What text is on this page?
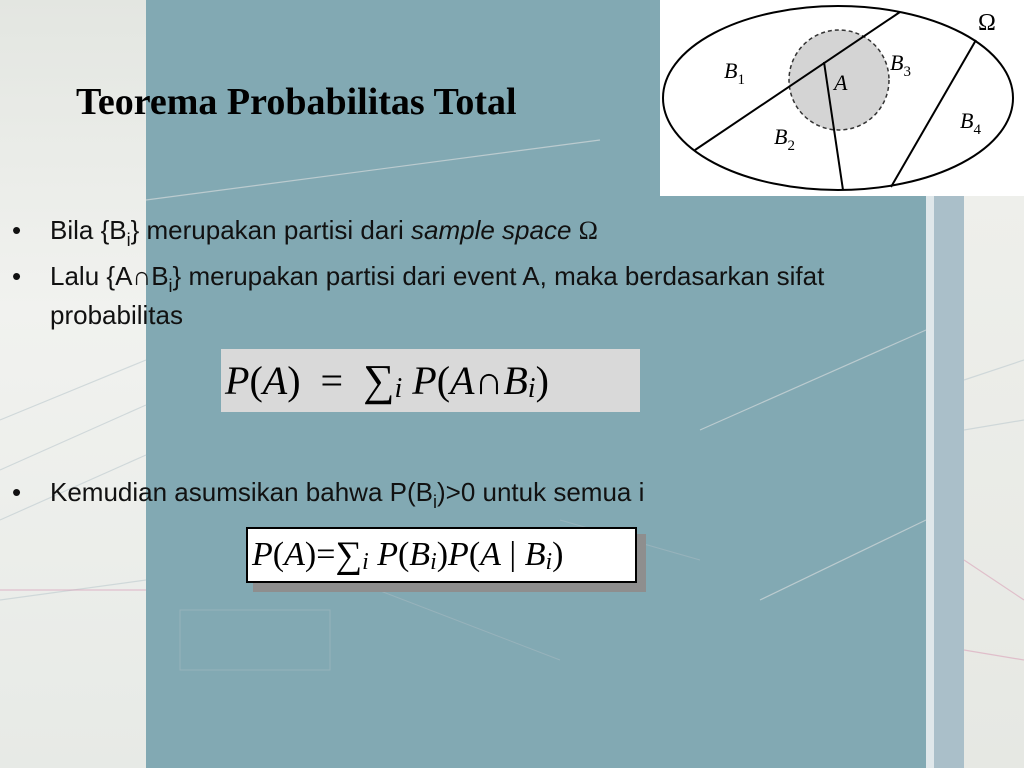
Teorema Probabilitas Total
Ω
A
$B_1$
$B_2$
$B_3$
$B_4$
• Bila $\{B_i\}$ merupakan partisi dari sample space Ω
• Lalu $\{A\cap B_i\}$ merupakan partisi dari event A, maka berdasarkan sifat probabilitas
• Kemudian asumsikan bahwa $P(B_i)>0$ untuk semua i
P ( A )
=
∑ i
P ( A ∩ B i )
P ( A ) = ∑ i
P ( B i ) P ( A
|
B i )
